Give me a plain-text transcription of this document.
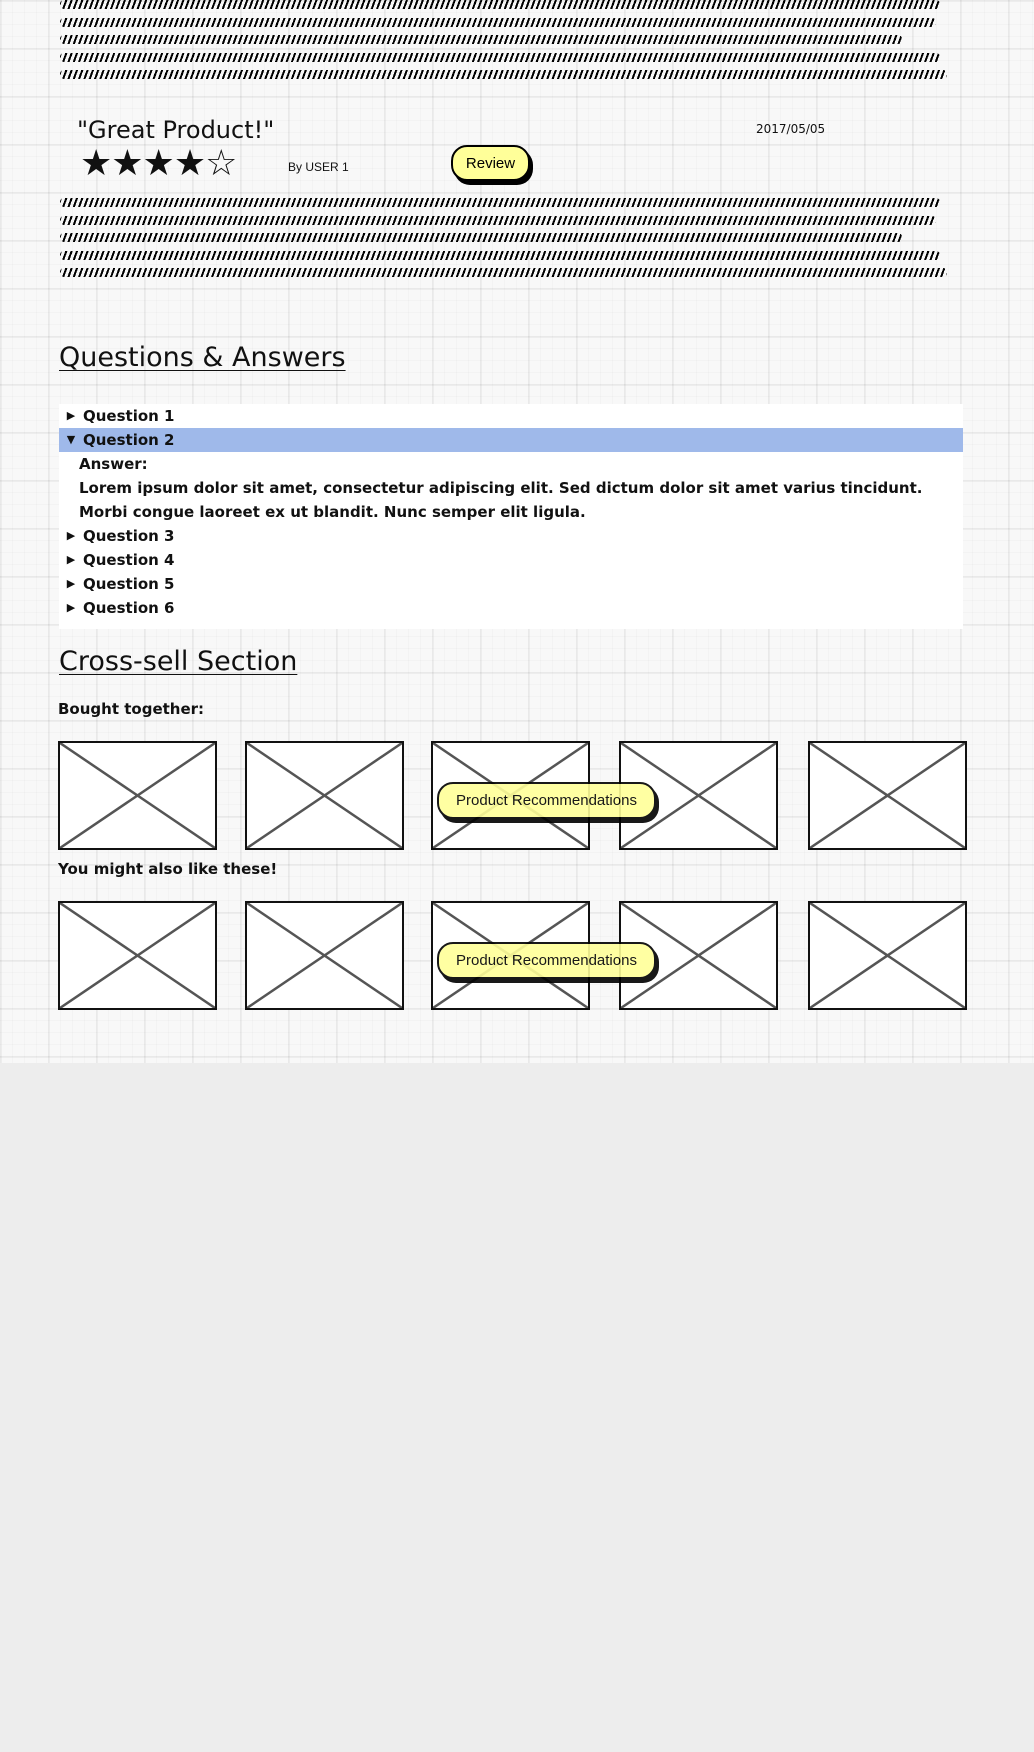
"Great Product!"
★★★★☆	By USER 1
2017/05/05
Review
Questions & Answers
▶ Question 1
▼ Question 2
Answer:
Lorem ipsum dolor sit amet, consectetur adipiscing elit. Sed dictum dolor sit amet varius tincidunt. Morbi congue laoreet ex ut blandit. Nunc semper elit ligula.
▶ Question 3
▶ Question 4
▶ Question 5
▶ Question 6
Cross-sell Section
Bought together:
Product Recommendations
You might also like these!
Product Recommendations
